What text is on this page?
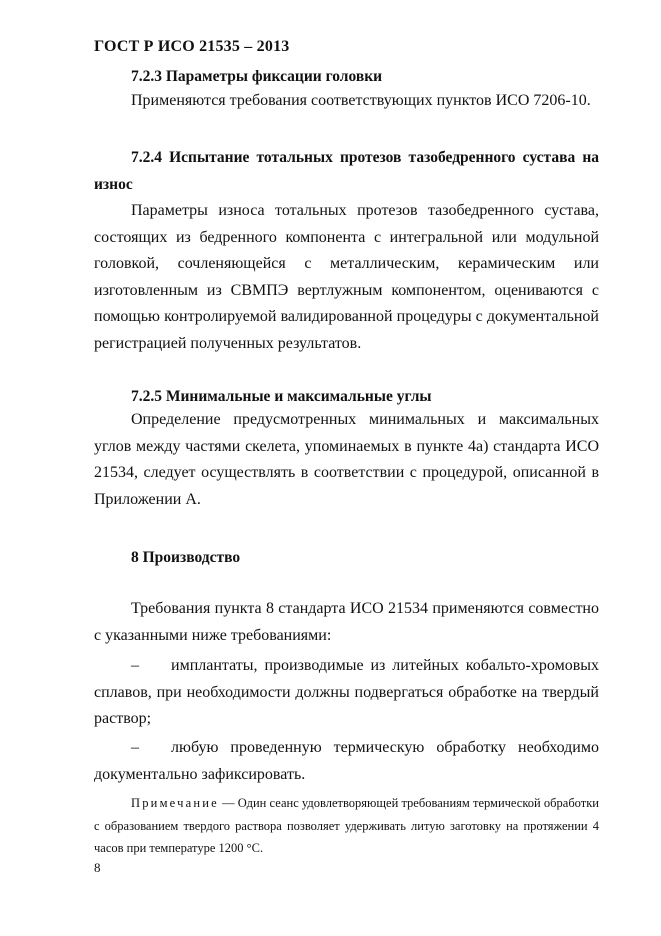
ГОСТ Р ИСО 21535 – 2013
7.2.3 Параметры фиксации головки
Применяются требования соответствующих пунктов ИСО 7206-10.
7.2.4 Испытание тотальных протезов тазобедренного сустава на износ
Параметры износа тотальных протезов тазобедренного сустава, состоящих из бедренного компонента с интегральной или модульной головкой, сочленяющейся с металлическим, керамическим или изготовленным из СВМПЭ вертлужным компонентом, оцениваются с помощью контролируемой валидированной процедуры с документальной регистрацией полученных результатов.
7.2.5 Минимальные и максимальные углы
Определение предусмотренных минимальных и максимальных углов между частями скелета, упоминаемых в пункте 4а) стандарта ИСО 21534, следует осуществлять в соответствии с процедурой, описанной в Приложении А.
8 Производство
Требования пункта 8 стандарта ИСО 21534 применяются совместно с указанными ниже требованиями:
– имплантаты, производимые из литейных кобальто-хромовых сплавов, при необходимости должны подвергаться обработке на твердый раствор;
– любую проведенную термическую обработку необходимо документально зафиксировать.
Примечание — Один сеанс удовлетворяющей требованиям термической обработки с образованием твердого раствора позволяет удерживать литую заготовку на протяжении 4 часов при температуре 1200 °С.
8
